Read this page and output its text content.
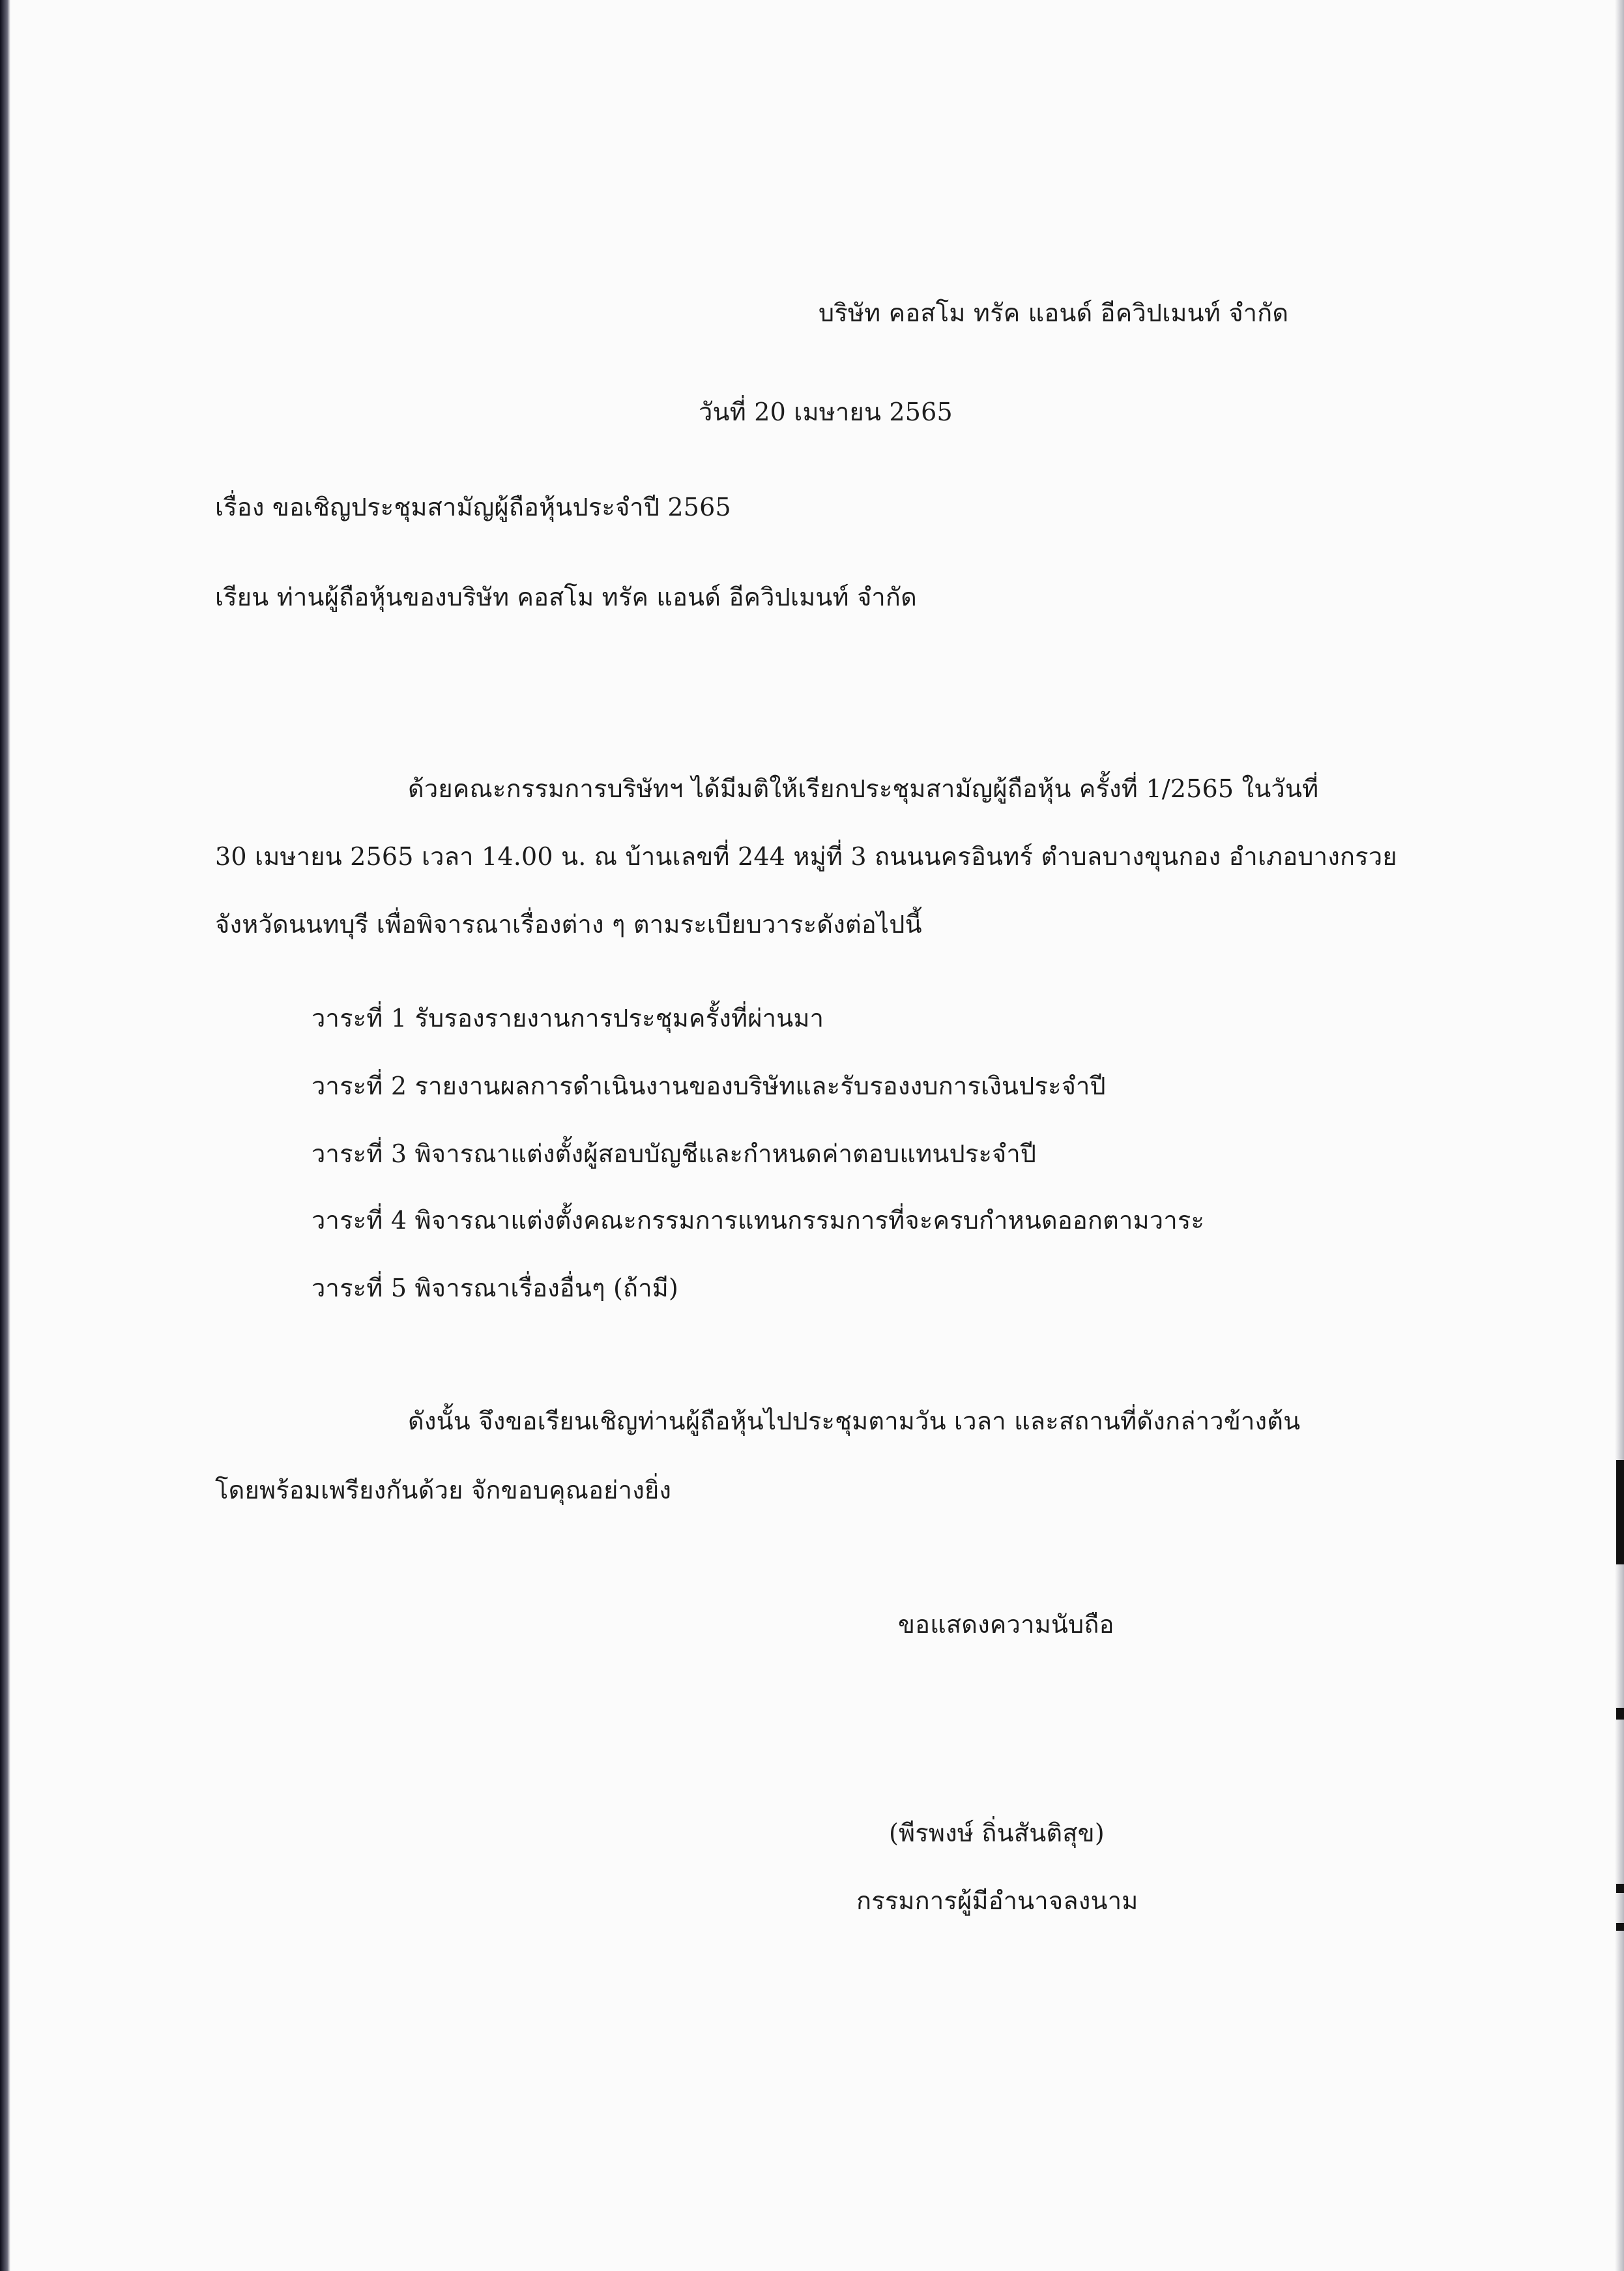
บริษัท คอสโม ทรัค แอนด์ อีควิปเมนท์ จำกัด
วันที่ 20 เมษายน 2565
เรื่อง ขอเชิญประชุมสามัญผู้ถือหุ้นประจำปี 2565
เรียน ท่านผู้ถือหุ้นของบริษัท คอสโม ทรัค แอนด์ อีควิปเมนท์ จำกัด
ด้วยคณะกรรมการบริษัทฯ ได้มีมติให้เรียกประชุมสามัญผู้ถือหุ้น ครั้งที่ 1/2565 ในวันที่
30 เมษายน 2565 เวลา 14.00 น. ณ บ้านเลขที่ 244 หมู่ที่ 3 ถนนนครอินทร์ ตำบลบางขุนกอง อำเภอบางกรวย
จังหวัดนนทบุรี เพื่อพิจารณาเรื่องต่าง ๆ ตามระเบียบวาระดังต่อไปนี้
วาระที่ 1 รับรองรายงานการประชุมครั้งที่ผ่านมา
วาระที่ 2 รายงานผลการดำเนินงานของบริษัทและรับรองงบการเงินประจำปี
วาระที่ 3 พิจารณาแต่งตั้งผู้สอบบัญชีและกำหนดค่าตอบแทนประจำปี
วาระที่ 4 พิจารณาแต่งตั้งคณะกรรมการแทนกรรมการที่จะครบกำหนดออกตามวาระ
วาระที่ 5 พิจารณาเรื่องอื่นๆ (ถ้ามี)
ดังนั้น จึงขอเรียนเชิญท่านผู้ถือหุ้นไปประชุมตามวัน เวลา และสถานที่ดังกล่าวข้างต้น
โดยพร้อมเพรียงกันด้วย จักขอบคุณอย่างยิ่ง
ขอแสดงความนับถือ
(พีรพงษ์ ถิ่นสันติสุข)
กรรมการผู้มีอำนาจลงนาม
